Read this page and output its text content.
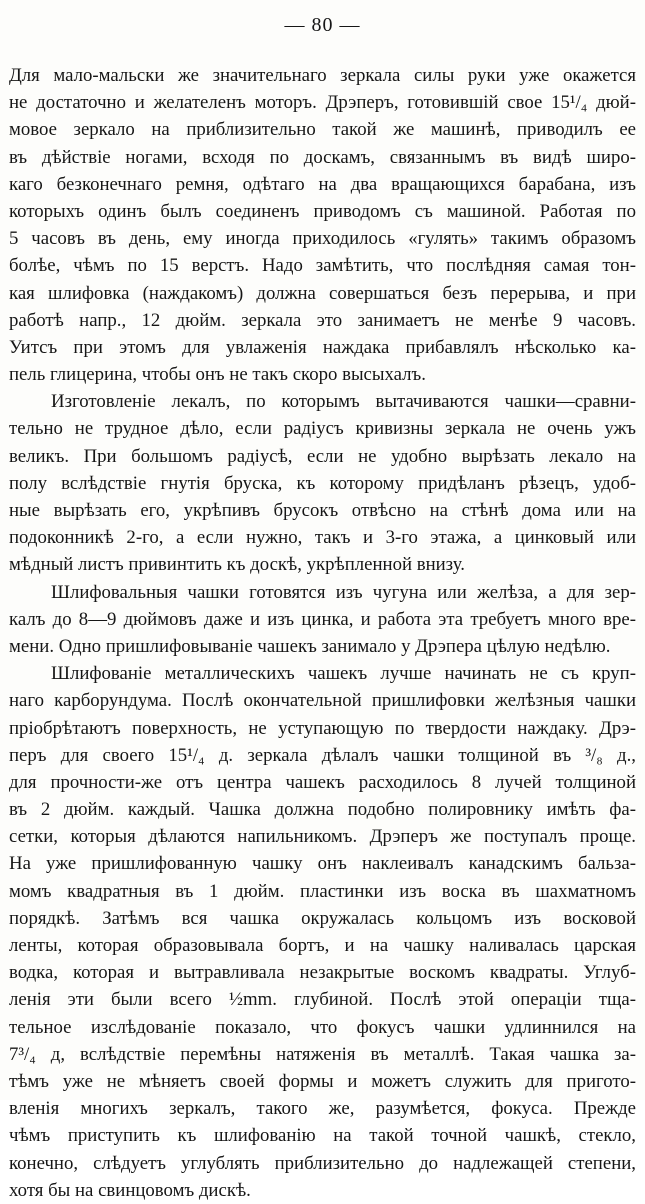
— 80 —
Для мало-мальски же значительнаго зеркала силы руки уже окажется
не достаточно и желателенъ моторъ. Дрэперъ, готовившій свое 15¹/₄ дюй-
мовое зеркало на приблизительно такой же машинѣ, приводилъ ее
въ дѣйствіе ногами, всходя по доскамъ, связаннымъ въ видѣ широ-
каго безконечнаго ремня, одѣтаго на два вращающихся барабана, изъ
которыхъ одинъ былъ соединенъ приводомъ съ машиной. Работая по
5 часовъ въ день, ему иногда приходилось «гулять» такимъ образомъ
болѣе, чѣмъ по 15 верстъ. Надо замѣтить, что послѣдняя самая тон-
кая шлифовка (наждакомъ) должна совершаться безъ перерыва, и при
работѣ напр., 12 дюйм. зеркала это занимаетъ не менѣе 9 часовъ.
Уитсъ при этомъ для увлаженія наждака прибавлялъ нѣсколько ка-
пель глицерина, чтобы онъ не такъ скоро высыхалъ.
Изготовленіе лекалъ, по которымъ вытачиваются чашки—сравни-
тельно не трудное дѣло, если радіусъ кривизны зеркала не очень ужъ
великъ. При большомъ радіусѣ, если не удобно вырѣзать лекало на
полу вслѣдствіе гнутія бруска, къ которому придѣланъ рѣзецъ, удоб-
ные вырѣзать его, укрѣпивъ брусокъ отвѣсно на стѣнѣ дома или на
подоконникѣ 2-го, а если нужно, такъ и 3-го этажа, а цинковый или
мѣдный листъ привинтить къ доскѣ, укрѣпленной внизу.
Шлифовальныя чашки готовятся изъ чугуна или желѣза, а для зер-
калъ до 8—9 дюймовъ даже и изъ цинка, и работа эта требуетъ много вре-
мени. Одно пришлифовываніе чашекъ занимало у Дрэпера цѣлую недѣлю.
Шлифованіе металлическихъ чашекъ лучше начинать не съ круп-
наго карборундума. Послѣ окончательной пришлифовки желѣзныя чашки
пріобрѣтаютъ поверхность, не уступающую по твердости наждаку. Дрэ-
перъ для своего 15¹/₄ д. зеркала дѣлалъ чашки толщиной въ ³/₈ д.,
для прочности-же отъ центра чашекъ расходилось 8 лучей толщиной
въ 2 дюйм. каждый. Чашка должна подобно полировнику имѣть фа-
сетки, которыя дѣлаются напильникомъ. Дрэперъ же поступалъ проще.
На уже пришлифованную чашку онъ наклеивалъ канадскимъ бальза-
момъ квадратныя въ 1 дюйм. пластинки изъ воска въ шахматномъ
порядкѣ. Затѣмъ вся чашка окружалась кольцомъ изъ восковой
ленты, которая образовывала бортъ, и на чашку наливалась царская
водка, которая и вытравливала незакрытые воскомъ квадраты. Углуб-
ленія эти были всего ½mm. глубиной. Послѣ этой операціи тща-
тельное изслѣдованіе показало, что фокусъ чашки удлиннился на
7³/₄ д, вслѣдствіе перемѣны натяженія въ металлѣ. Такая чашка за-
тѣмъ уже не мѣняетъ своей формы и можетъ служить для пригото-
вленія многихъ зеркалъ, такого же, разумѣется, фокуса. Прежде
чѣмъ приступить къ шлифованію на такой точной чашкѣ, стекло,
конечно, слѣдуетъ углублять приблизительно до надлежащей степени,
хотя бы на свинцовомъ дискѣ.
